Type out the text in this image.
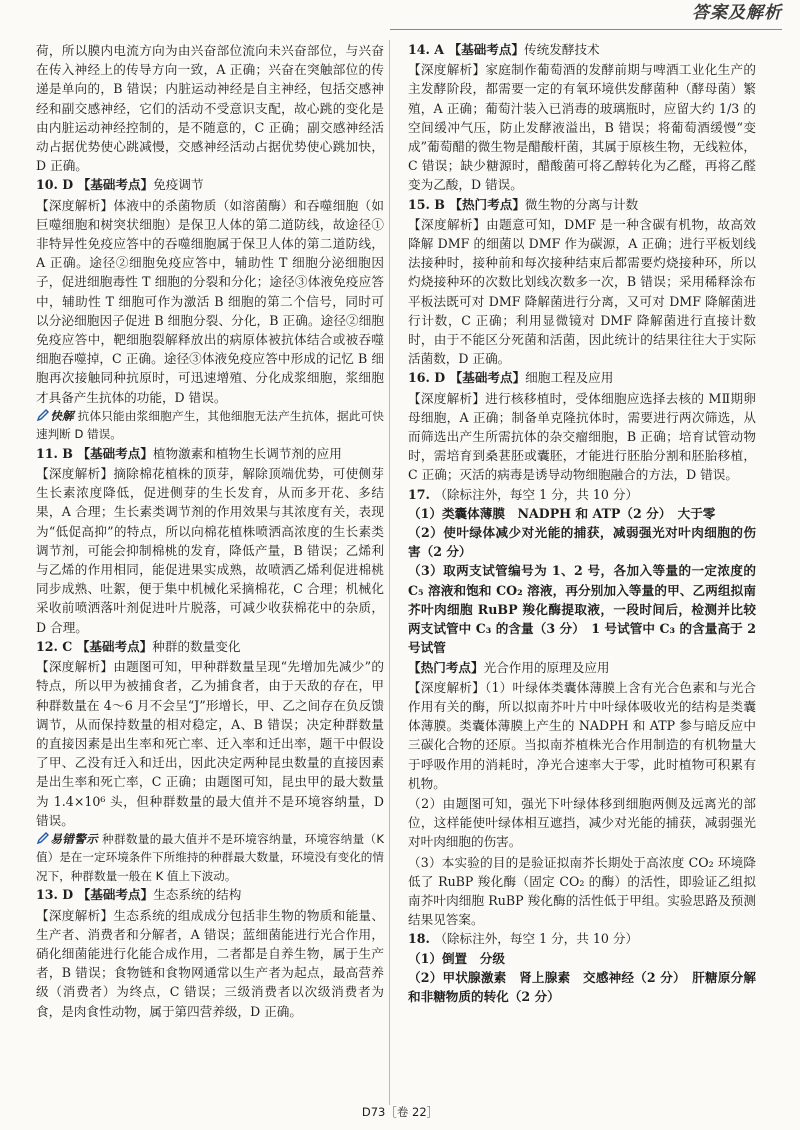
答案及解析

荷，所以膜内电流方向为由兴奋部位流向未兴奋部位，与兴奋在传入神经上的传导方向一致，A 正确；兴奋在突触部位的传递是单向的，B 错误；内脏运动神经是自主神经，包括交感神经和副交感神经，它们的活动不受意识支配，故心跳的变化是由内脏运动神经控制的，是不随意的，C 正确；副交感神经活动占据优势使心跳减慢，交感神经活动占据优势使心跳加快，D 正确。

10. D 【基础考点】免疫调节

【深度解析】体液中的杀菌物质（如溶菌酶）和吞噬细胞（如巨噬细胞和树突状细胞）是保卫人体的第二道防线，故途径①非特异性免疫应答中的吞噬细胞属于保卫人体的第二道防线，A 正确。途径②细胞免疫应答中，辅助性 T 细胞分泌细胞因子，促进细胞毒性 T 细胞的分裂和分化；途径③体液免疫应答中，辅助性 T 细胞可作为激活 B 细胞的第二个信号，同时可以分泌细胞因子促进 B 细胞分裂、分化，B 正确。途径②细胞免疫应答中，靶细胞裂解释放出的病原体被抗体结合或被吞噬细胞吞噬掉，C 正确。途径③体液免疫应答中形成的记忆 B 细胞再次接触同种抗原时，可迅速增殖、分化成浆细胞，浆细胞才具备产生抗体的功能，D 错误。

快解 抗体只能由浆细胞产生，其他细胞无法产生抗体，据此可快速判断 D 错误。

11. B 【基础考点】植物激素和植物生长调节剂的应用

【深度解析】摘除棉花植株的顶芽，解除顶端优势，可使侧芽生长素浓度降低，促进侧芽的生长发育，从而多开花、多结果，A 合理；生长素类调节剂的作用效果与其浓度有关，表现为“低促高抑”的特点，所以向棉花植株喷洒高浓度的生长素类调节剂，可能会抑制棉桃的发育，降低产量，B 错误；乙烯利与乙烯的作用相同，能促进果实成熟，故喷洒乙烯利促进棉桃同步成熟、吐絮，便于集中机械化采摘棉花，C 合理；机械化采收前喷洒落叶剂促进叶片脱落，可减少收获棉花中的杂质，D 合理。

12. C 【基础考点】种群的数量变化

【深度解析】由题图可知，甲种群数量呈现“先增加先减少”的特点，所以甲为被捕食者，乙为捕食者，由于天敌的存在，甲种群数量在 4～6 月不会呈“J”形增长，甲、乙之间存在负反馈调节，从而保持数量的相对稳定，A、B 错误；决定种群数量的直接因素是出生率和死亡率、迁入率和迁出率，题干中假设了甲、乙没有迁入和迁出，因此决定两种昆虫数量的直接因素是出生率和死亡率，C 正确；由题图可知，昆虫甲的最大数量为 1.4×10⁶ 头，但种群数量的最大值并不是环境容纳量，D 错误。

易错警示 种群数量的最大值并不是环境容纳量，环境容纳量（K 值）是在一定环境条件下所维持的种群最大数量，环境没有变化的情况下，种群数量一般在 K 值上下波动。

13. D 【基础考点】生态系统的结构

【深度解析】生态系统的组成成分包括非生物的物质和能量、生产者、消费者和分解者，A 错误；蓝细菌能进行光合作用，硝化细菌能进行化能合成作用，二者都是自养生物，属于生产者，B 错误；食物链和食物网通常以生产者为起点，最高营养级（消费者）为终点，C 错误；三级消费者以次级消费者为食，是肉食性动物，属于第四营养级，D 正确。

14. A 【基础考点】传统发酵技术

【深度解析】家庭制作葡萄酒的发酵前期与啤酒工业化生产的主发酵阶段，都需要一定的有氧环境供发酵菌种（酵母菌）繁殖，A 正确；葡萄汁装入已消毒的玻璃瓶时，应留大约 1/3 的空间缓冲气压，防止发酵液溢出，B 错误；将葡萄酒缓慢“变成”葡萄醋的微生物是醋酸杆菌，其属于原核生物，无线粒体，C 错误；缺少糖源时，醋酸菌可将乙醇转化为乙醛，再将乙醛变为乙酸，D 错误。

15. B 【热门考点】微生物的分离与计数

【深度解析】由题意可知，DMF 是一种含碳有机物，故高效降解 DMF 的细菌以 DMF 作为碳源，A 正确；进行平板划线法接种时，接种前和每次接种结束后都需要灼烧接种环，所以灼烧接种环的次数比划线次数多一次，B 错误；采用稀释涂布平板法既可对 DMF 降解菌进行分离，又可对 DMF 降解菌进行计数，C 正确；利用显微镜对 DMF 降解菌进行直接计数时，由于不能区分死菌和活菌，因此统计的结果往往大于实际活菌数，D 正确。

16. D 【基础考点】细胞工程及应用

【深度解析】进行核移植时，受体细胞应选择去核的 MⅡ期卵母细胞，A 正确；制备单克隆抗体时，需要进行两次筛选，从而筛选出产生所需抗体的杂交瘤细胞，B 正确；培育试管动物时，需培育到桑葚胚或囊胚，才能进行胚胎分割和胚胎移植，C 正确；灭活的病毒是诱导动物细胞融合的方法，D 错误。

17. （除标注外，每空 1 分，共 10 分）

（1）类囊体薄膜　NADPH 和 ATP（2 分）　大于零

（2）使叶绿体减少对光能的捕获，减弱强光对叶肉细胞的伤害（2 分）

（3）取两支试管编号为 1、2 号，各加入等量的一定浓度的 C₅ 溶液和饱和 CO₂ 溶液，再分别加入等量的甲、乙两组拟南芥叶肉细胞 RuBP 羧化酶提取液，一段时间后，检测并比较两支试管中 C₃ 的含量（3 分）　1 号试管中 C₃ 的含量高于 2 号试管

【热门考点】光合作用的原理及应用

【深度解析】（1）叶绿体类囊体薄膜上含有光合色素和与光合作用有关的酶，所以拟南芥叶片中叶绿体吸收光的结构是类囊体薄膜。类囊体薄膜上产生的 NADPH 和 ATP 参与暗反应中三碳化合物的还原。当拟南芥植株光合作用制造的有机物量大于呼吸作用的消耗时，净光合速率大于零，此时植物可积累有机物。

（2）由题图可知，强光下叶绿体移到细胞两侧及远离光的部位，这样能使叶绿体相互遮挡，减少对光能的捕获，减弱强光对叶肉细胞的伤害。

（3）本实验的目的是验证拟南芥长期处于高浓度 CO₂ 环境降低了 RuBP 羧化酶（固定 CO₂ 的酶）的活性，即验证乙组拟南芥叶肉细胞 RuBP 羧化酶的活性低于甲组。实验思路及预测结果见答案。

18. （除标注外，每空 1 分，共 10 分）

（1）倒置　分级

（2）甲状腺激素　肾上腺素　交感神经（2 分）　肝糖原分解和非糖物质的转化（2 分）

D73［卷 22］
